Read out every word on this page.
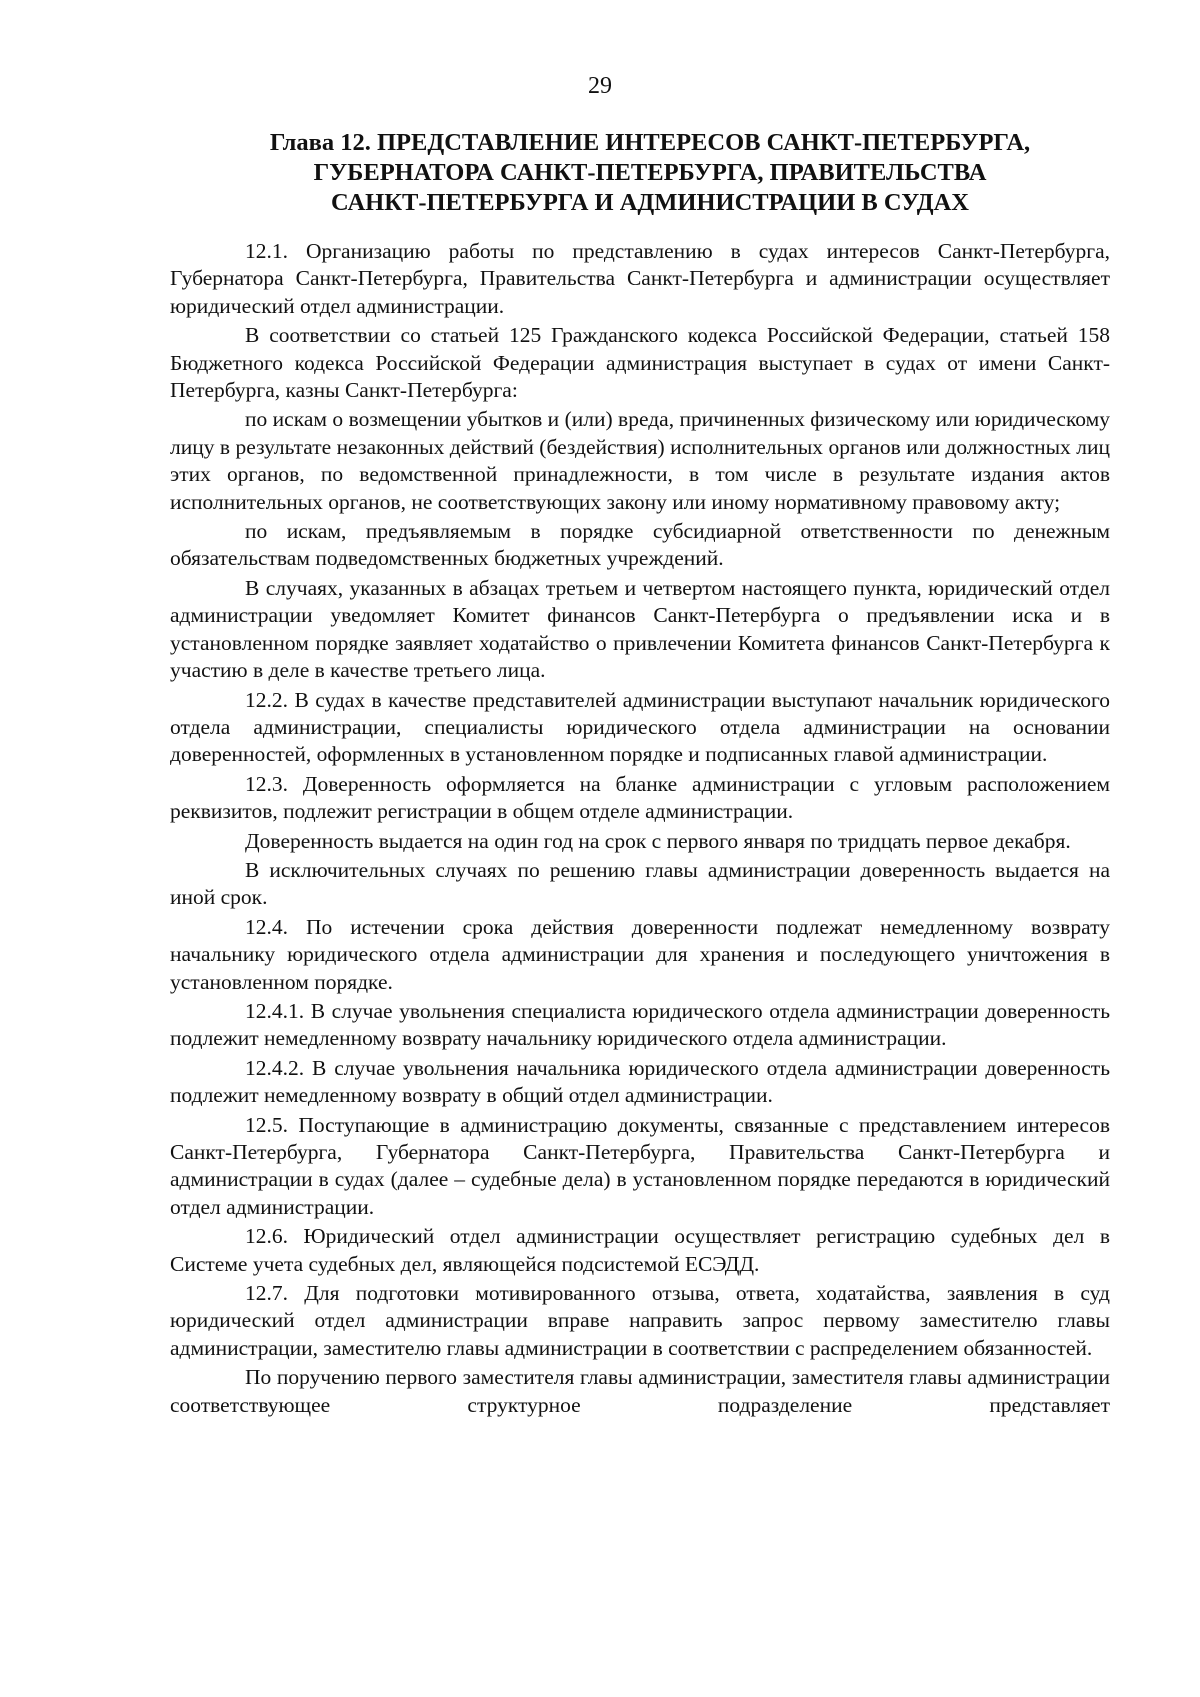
29
Глава 12. ПРЕДСТАВЛЕНИЕ ИНТЕРЕСОВ САНКТ-ПЕТЕРБУРГА,
ГУБЕРНАТОРА САНКТ-ПЕТЕРБУРГА, ПРАВИТЕЛЬСТВА
САНКТ-ПЕТЕРБУРГА И АДМИНИСТРАЦИИ В СУДАХ

12.1. Организацию работы по представлению в судах интересов Санкт-Петербурга, Губернатора Санкт-Петербурга, Правительства Санкт-Петербурга и администрации осуществляет юридический отдел администрации.

В соответствии со статьей 125 Гражданского кодекса Российской Федерации, статьей 158 Бюджетного кодекса Российской Федерации администрация выступает в судах от имени Санкт-Петербурга, казны Санкт-Петербурга:

по искам о возмещении убытков и (или) вреда, причиненных физическому или юридическому лицу в результате незаконных действий (бездействия) исполнительных органов или должностных лиц этих органов, по ведомственной принадлежности, в том числе в результате издания актов исполнительных органов, не соответствующих закону или иному нормативному правовому акту;

по искам, предъявляемым в порядке субсидиарной ответственности по денежным обязательствам подведомственных бюджетных учреждений.

В случаях, указанных в абзацах третьем и четвертом настоящего пункта, юридический отдел администрации уведомляет Комитет финансов Санкт-Петербурга о предъявлении иска и в установленном порядке заявляет ходатайство о привлечении Комитета финансов Санкт-Петербурга к участию в деле в качестве третьего лица.

12.2. В судах в качестве представителей администрации выступают начальник юридического отдела администрации, специалисты юридического отдела администрации на основании доверенностей, оформленных в установленном порядке и подписанных главой администрации.

12.3. Доверенность оформляется на бланке администрации с угловым расположением реквизитов, подлежит регистрации в общем отделе администрации.

Доверенность выдается на один год на срок с первого января по тридцать первое декабря.

В исключительных случаях по решению главы администрации доверенность выдается на иной срок.

12.4. По истечении срока действия доверенности подлежат немедленному возврату начальнику юридического отдела администрации для хранения и последующего уничтожения в установленном порядке.

12.4.1. В случае увольнения специалиста юридического отдела администрации доверенность подлежит немедленному возврату начальнику юридического отдела администрации.

12.4.2. В случае увольнения начальника юридического отдела администрации доверенность подлежит немедленному возврату в общий отдел администрации.

12.5. Поступающие в администрацию документы, связанные с представлением интересов Санкт-Петербурга, Губернатора Санкт-Петербурга, Правительства Санкт-Петербурга и администрации в судах (далее – судебные дела) в установленном порядке передаются в юридический отдел администрации.

12.6. Юридический отдел администрации осуществляет регистрацию судебных дел в Системе учета судебных дел, являющейся подсистемой ЕСЭДД.

12.7. Для подготовки мотивированного отзыва, ответа, ходатайства, заявления в суд юридический отдел администрации вправе направить запрос первому заместителю главы администрации, заместителю главы администрации в соответствии с распределением обязанностей.

По поручению первого заместителя главы администрации, заместителя главы администрации соответствующее структурное подразделение представляет
